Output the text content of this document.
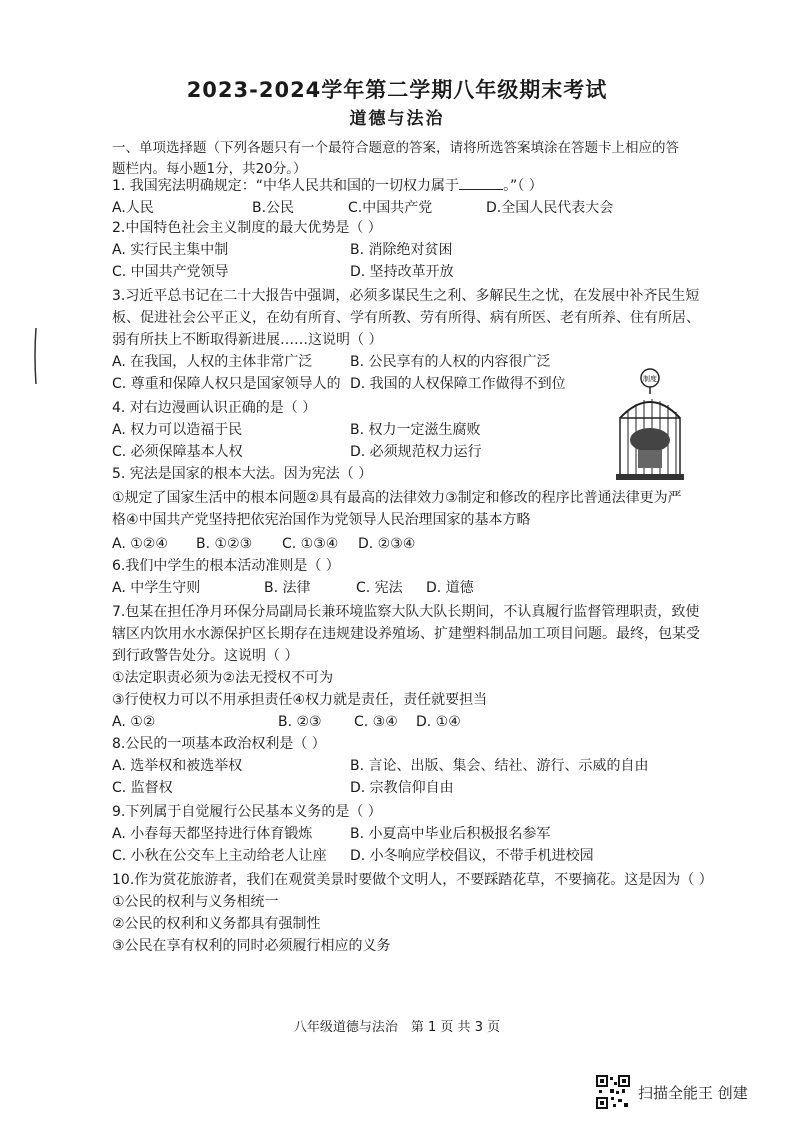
2023-2024学年第二学期八年级期末考试
道德与法治
一、单项选择题（下列各题只有一个最符合题意的答案，请将所选答案填涂在答题卡上相应的答题栏内。每小题1分，共20分。）
1. 我国宪法明确规定：“中华人民共和国的一切权力属于	。”（ ）
A.人民	B.公民	C.中国共产党	D.全国人民代表大会
2.中国特色社会主义制度的最大优势是（ ）
A. 实行民主集中制	B. 消除绝对贫困
C. 中国共产党领导	D. 坚持改革开放
3.习近平总书记在二十大报告中强调，必须多谋民生之利、多解民生之忧，在发展中补齐民生短
板、促进社会公平正义，在幼有所育、学有所教、劳有所得、病有所医、老有所养、住有所居、
弱有所扶上不断取得新进展……这说明（ ）
A. 在我国，人权的主体非常广泛	B. 公民享有的人权的内容很广泛
C. 尊重和保障人权只是国家领导人的 D. 我国的人权保障工作做得不到位
4. 对右边漫画认识正确的是（ ）
A. 权力可以造福于民	B. 权力一定滋生腐败
C. 必须保障基本人权	D. 必须规范权力运行
制度
5. 宪法是国家的根本大法。因为宪法（ ）
①规定了国家生活中的根本问题②具有最高的法律效力③制定和修改的程序比普通法律更为严
格④中国共产党坚持把依宪治国作为党领导人民治理国家的基本方略
A. ①②④ B. ①②③ C. ①③④ D. ②③④
6.我们中学生的根本活动准则是（ ）
A. 中学生守则	B. 法律	C. 宪法 D. 道德
7.包某在担任净月环保分局副局长兼环境监察大队大队长期间，不认真履行监督管理职责，致使
辖区内饮用水水源保护区长期存在违规建设养殖场、扩建塑料制品加工项目问题。最终，包某受
到行政警告处分。这说明（ ）
①法定职责必须为②法无授权不可为
③行使权力可以不用承担责任④权力就是责任，责任就要担当
A. ①②	B. ②③ C. ③④ D. ①④
8.公民的一项基本政治权利是（ ）
A. 选举权和被选举权	B. 言论、出版、集会、结社、游行、示威的自由
C. 监督权	D. 宗教信仰自由
9.下列属于自觉履行公民基本义务的是（ ）
A. 小春每天都坚持进行体育锻炼	B. 小夏高中毕业后积极报名参军
C. 小秋在公交车上主动给老人让座 D. 小冬响应学校倡议，不带手机进校园
10.作为赏花旅游者，我们在观赏美景时要做个文明人，不要踩踏花草，不要摘花。这是因为（ ）
①公民的权利与义务相统一
②公民的权利和义务都具有强制性
③公民在享有权利的同时必须履行相应的义务
八年级道德与法治　第 1 页 共 3 页
扫描全能王 创建
